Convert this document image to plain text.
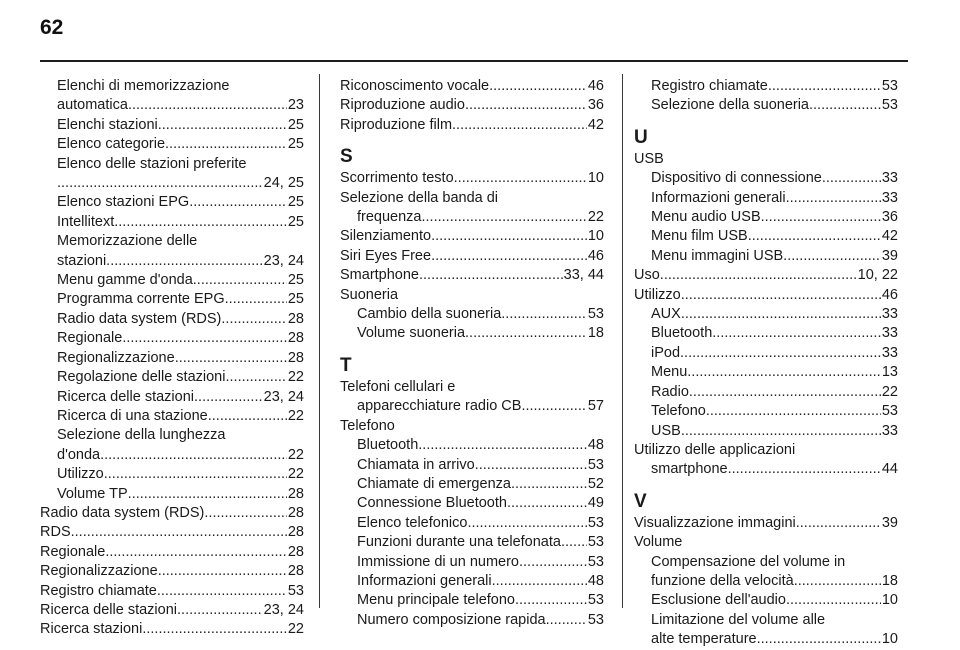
62
Elenchi di memorizzazione
automatica .....	23
Elenchi stazioni .....	25
Elenco categorie .....	25
Elenco delle stazioni preferite
.....
24, 25
Elenco stazioni EPG .....	25
Intellitext .....	25
Memorizzazione delle
stazioni .....	23, 24
Menu gamme d'onda .....	25
Programma corrente EPG .....	25
Radio data system (RDS) .....	28
Regionale .....	28
Regionalizzazione .....	28
Regolazione delle stazioni .....	22
Ricerca delle stazioni .....	23, 24
Ricerca di una stazione .....	22
Selezione della lunghezza
d'onda .....	22
Utilizzo .....	22
Volume TP .....	28
Radio data system (RDS) .....	28
RDS .....	28
Regionale .....	28
Regionalizzazione .....	28
Registro chiamate .....	53
Ricerca delle stazioni .....	23, 24
Ricerca stazioni .....	22
Riconoscimento vocale .....	46
Riproduzione audio .....	36
Riproduzione film .....	42
S
Scorrimento testo .....	10
Selezione della banda di
frequenza .....	22
Silenziamento .....	10
Siri Eyes Free .....	46
Smartphone .....	33, 44
Suoneria
Cambio della suoneria .....	53
Volume suoneria .....	18
T
Telefoni cellulari e
apparecchiature radio CB .....	57
Telefono
Bluetooth .....	48
Chiamata in arrivo .....	53
Chiamate di emergenza .....	52
Connessione Bluetooth .....	49
Elenco telefonico .....	53
Funzioni durante una telefonata ..... 53
Immissione di un numero .....	53
Informazioni generali .....	48
Menu principale telefono .....	53
Numero composizione rapida .....	53
Registro chiamate .....	53
Selezione della suoneria .....	53
U
USB
Dispositivo di connessione .....	33
Informazioni generali .....	33
Menu audio USB .....	36
Menu film USB .....	42
Menu immagini USB .....	39
Uso .....	10, 22
Utilizzo .....	46
AUX .....	33
Bluetooth .....	33
iPod .....	33
Menu .....	13
Radio .....	22
Telefono .....	53
USB .....	33
Utilizzo delle applicazioni
smartphone .....	44
V
Visualizzazione immagini .....	39
Volume
Compensazione del volume in
funzione della velocità .....	18
Esclusione dell'audio .....	10
Limitazione del volume alle
alte temperature .....	10
